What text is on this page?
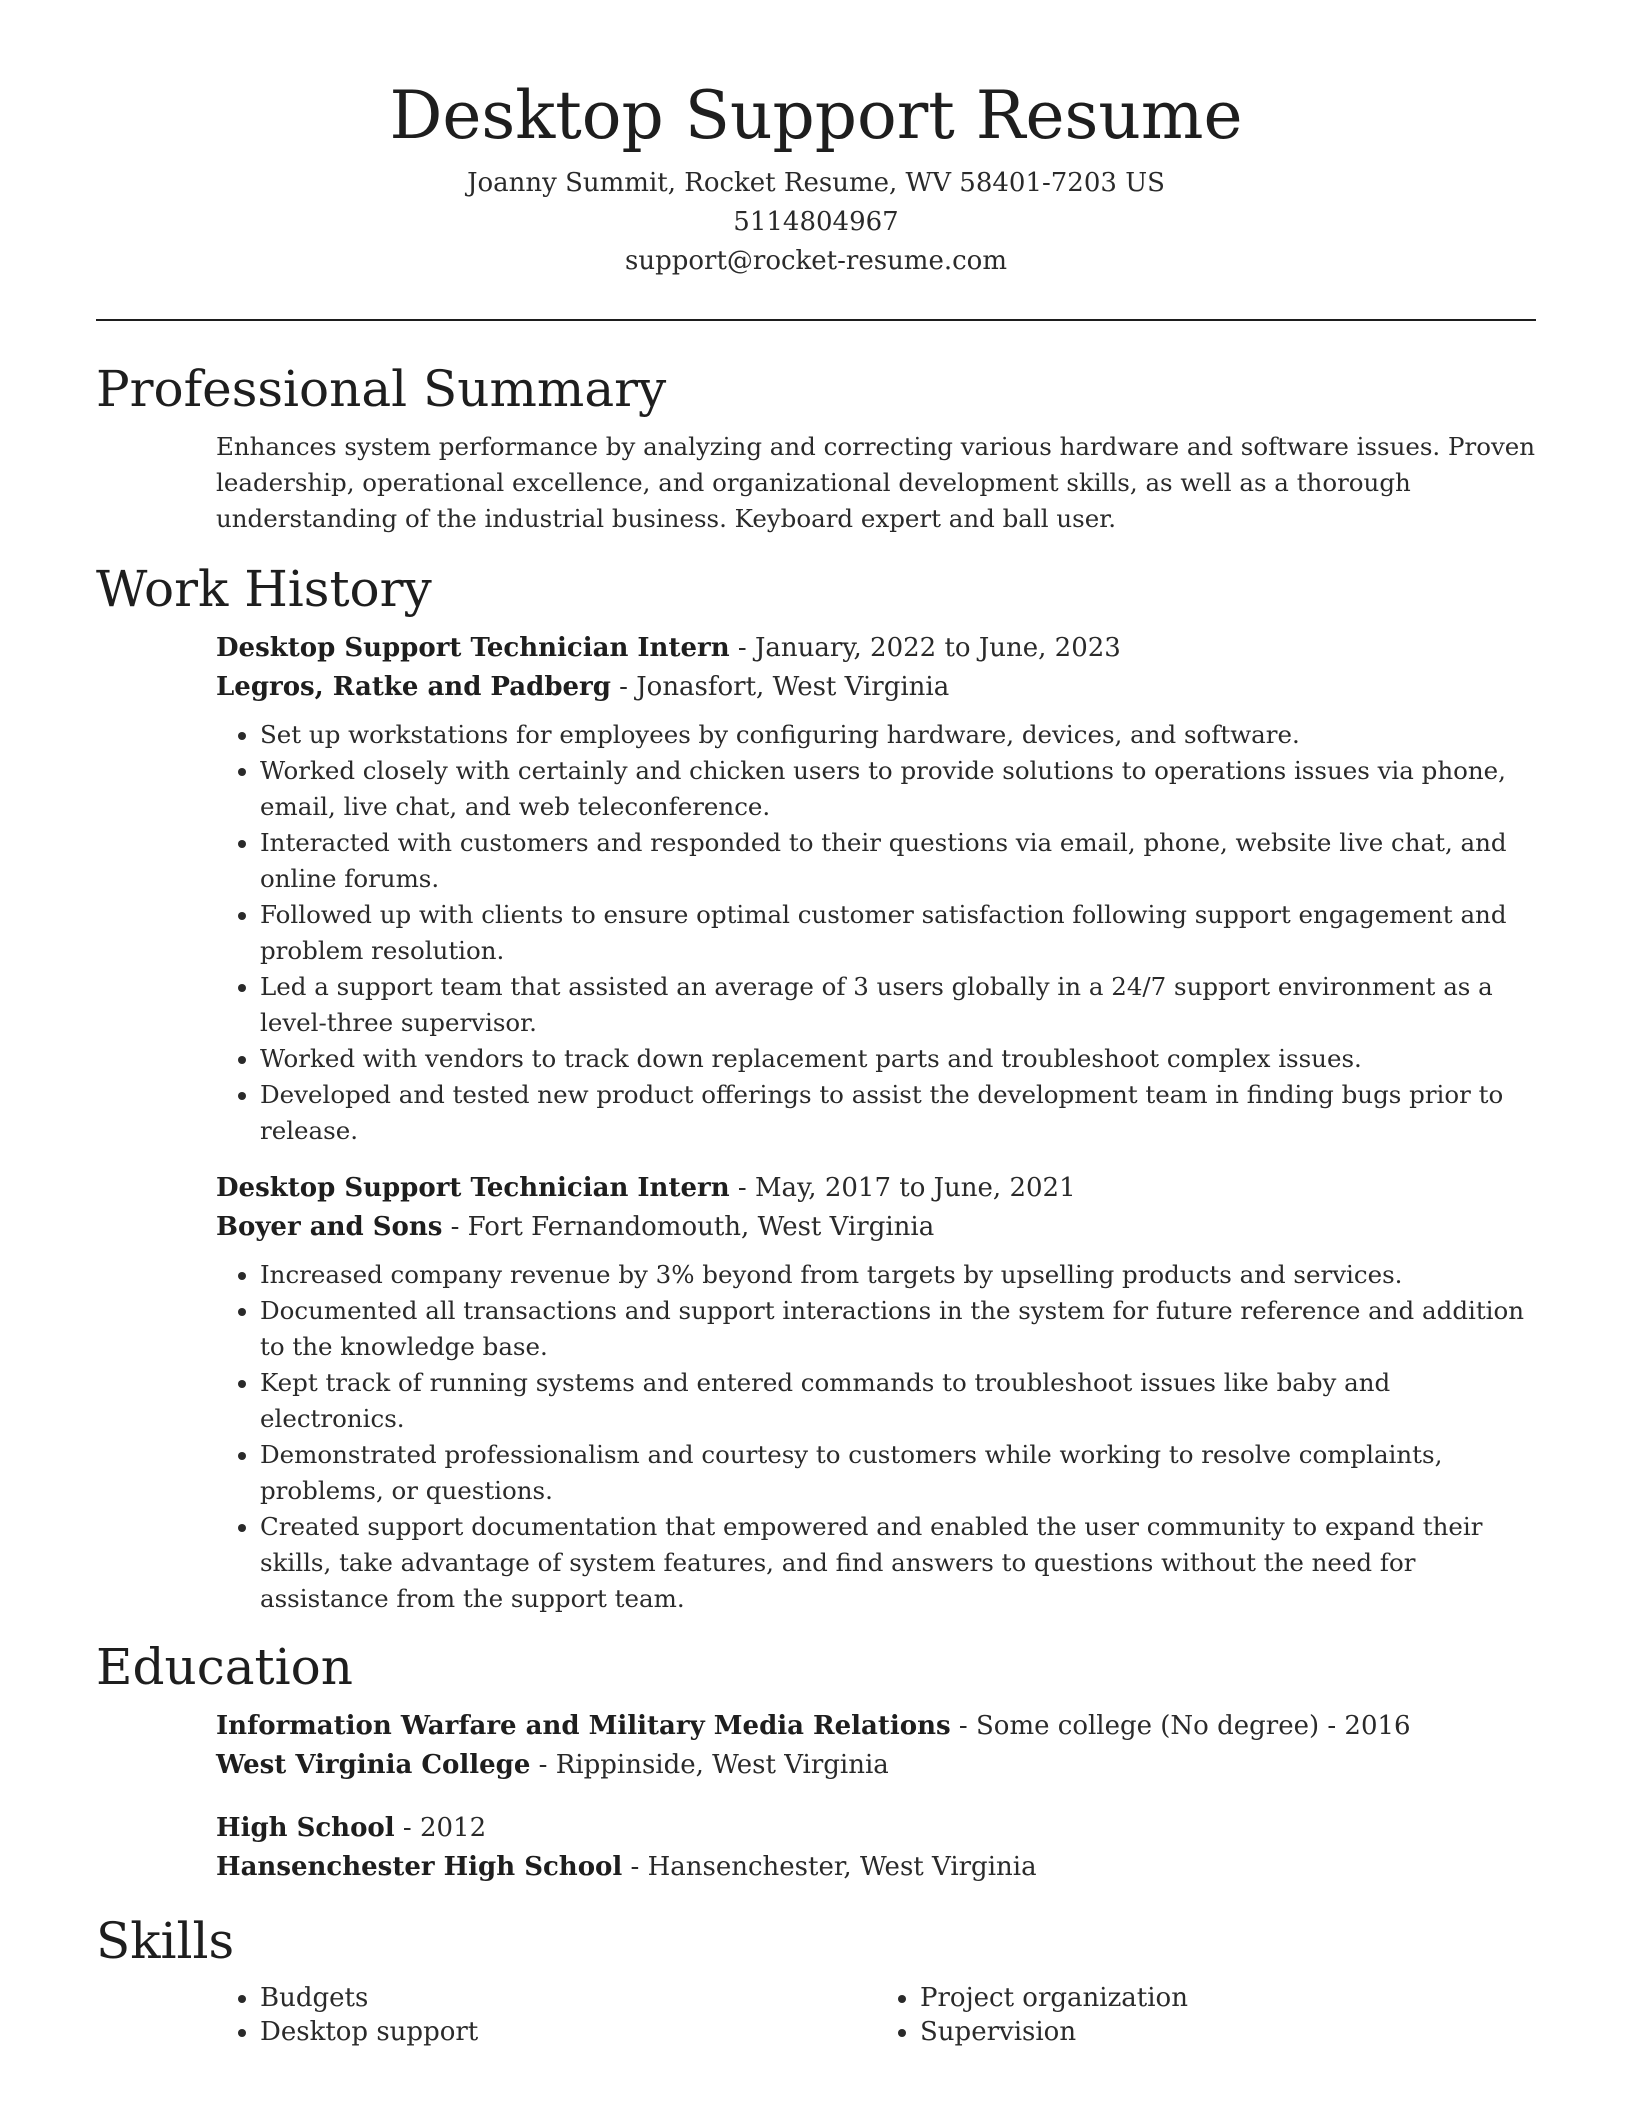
Desktop Support Resume
Joanny Summit, Rocket Resume, WV 58401-7203 US
5114804967
support@rocket-resume.com
Professional Summary

Enhances system performance by analyzing and correcting various hardware and software issues. Proven leadership, operational excellence, and organizational development skills, as well as a thorough understanding of the industrial business. Keyboard expert and ball user.

Work History
Desktop Support Technician Intern - January, 2022 to June, 2023
Legros, Ratke and Padberg - Jonasfort, West Virginia
• Set up workstations for employees by configuring hardware, devices, and software.
• Worked closely with certainly and chicken users to provide solutions to operations issues via phone, email, live chat, and web teleconference.
• Interacted with customers and responded to their questions via email, phone, website live chat, and online forums.
• Followed up with clients to ensure optimal customer satisfaction following support engagement and problem resolution.
• Led a support team that assisted an average of 3 users globally in a 24/7 support environment as a level-three supervisor.
• Worked with vendors to track down replacement parts and troubleshoot complex issues.
• Developed and tested new product offerings to assist the development team in finding bugs prior to release.
Desktop Support Technician Intern - May, 2017 to June, 2021
Boyer and Sons - Fort Fernandomouth, West Virginia
• Increased company revenue by 3% beyond from targets by upselling products and services.
• Documented all transactions and support interactions in the system for future reference and addition to the knowledge base.
• Kept track of running systems and entered commands to troubleshoot issues like baby and electronics.
• Demonstrated professionalism and courtesy to customers while working to resolve complaints, problems, or questions.
• Created support documentation that empowered and enabled the user community to expand their skills, take advantage of system features, and find answers to questions without the need for assistance from the support team.
Education
Information Warfare and Military Media Relations - Some college (No degree) - 2016
West Virginia College - Rippinside, West Virginia
High School - 2012
Hansenchester High School - Hansenchester, West Virginia
Skills
• Budgets
• Desktop support
• Project organization
• Supervision
